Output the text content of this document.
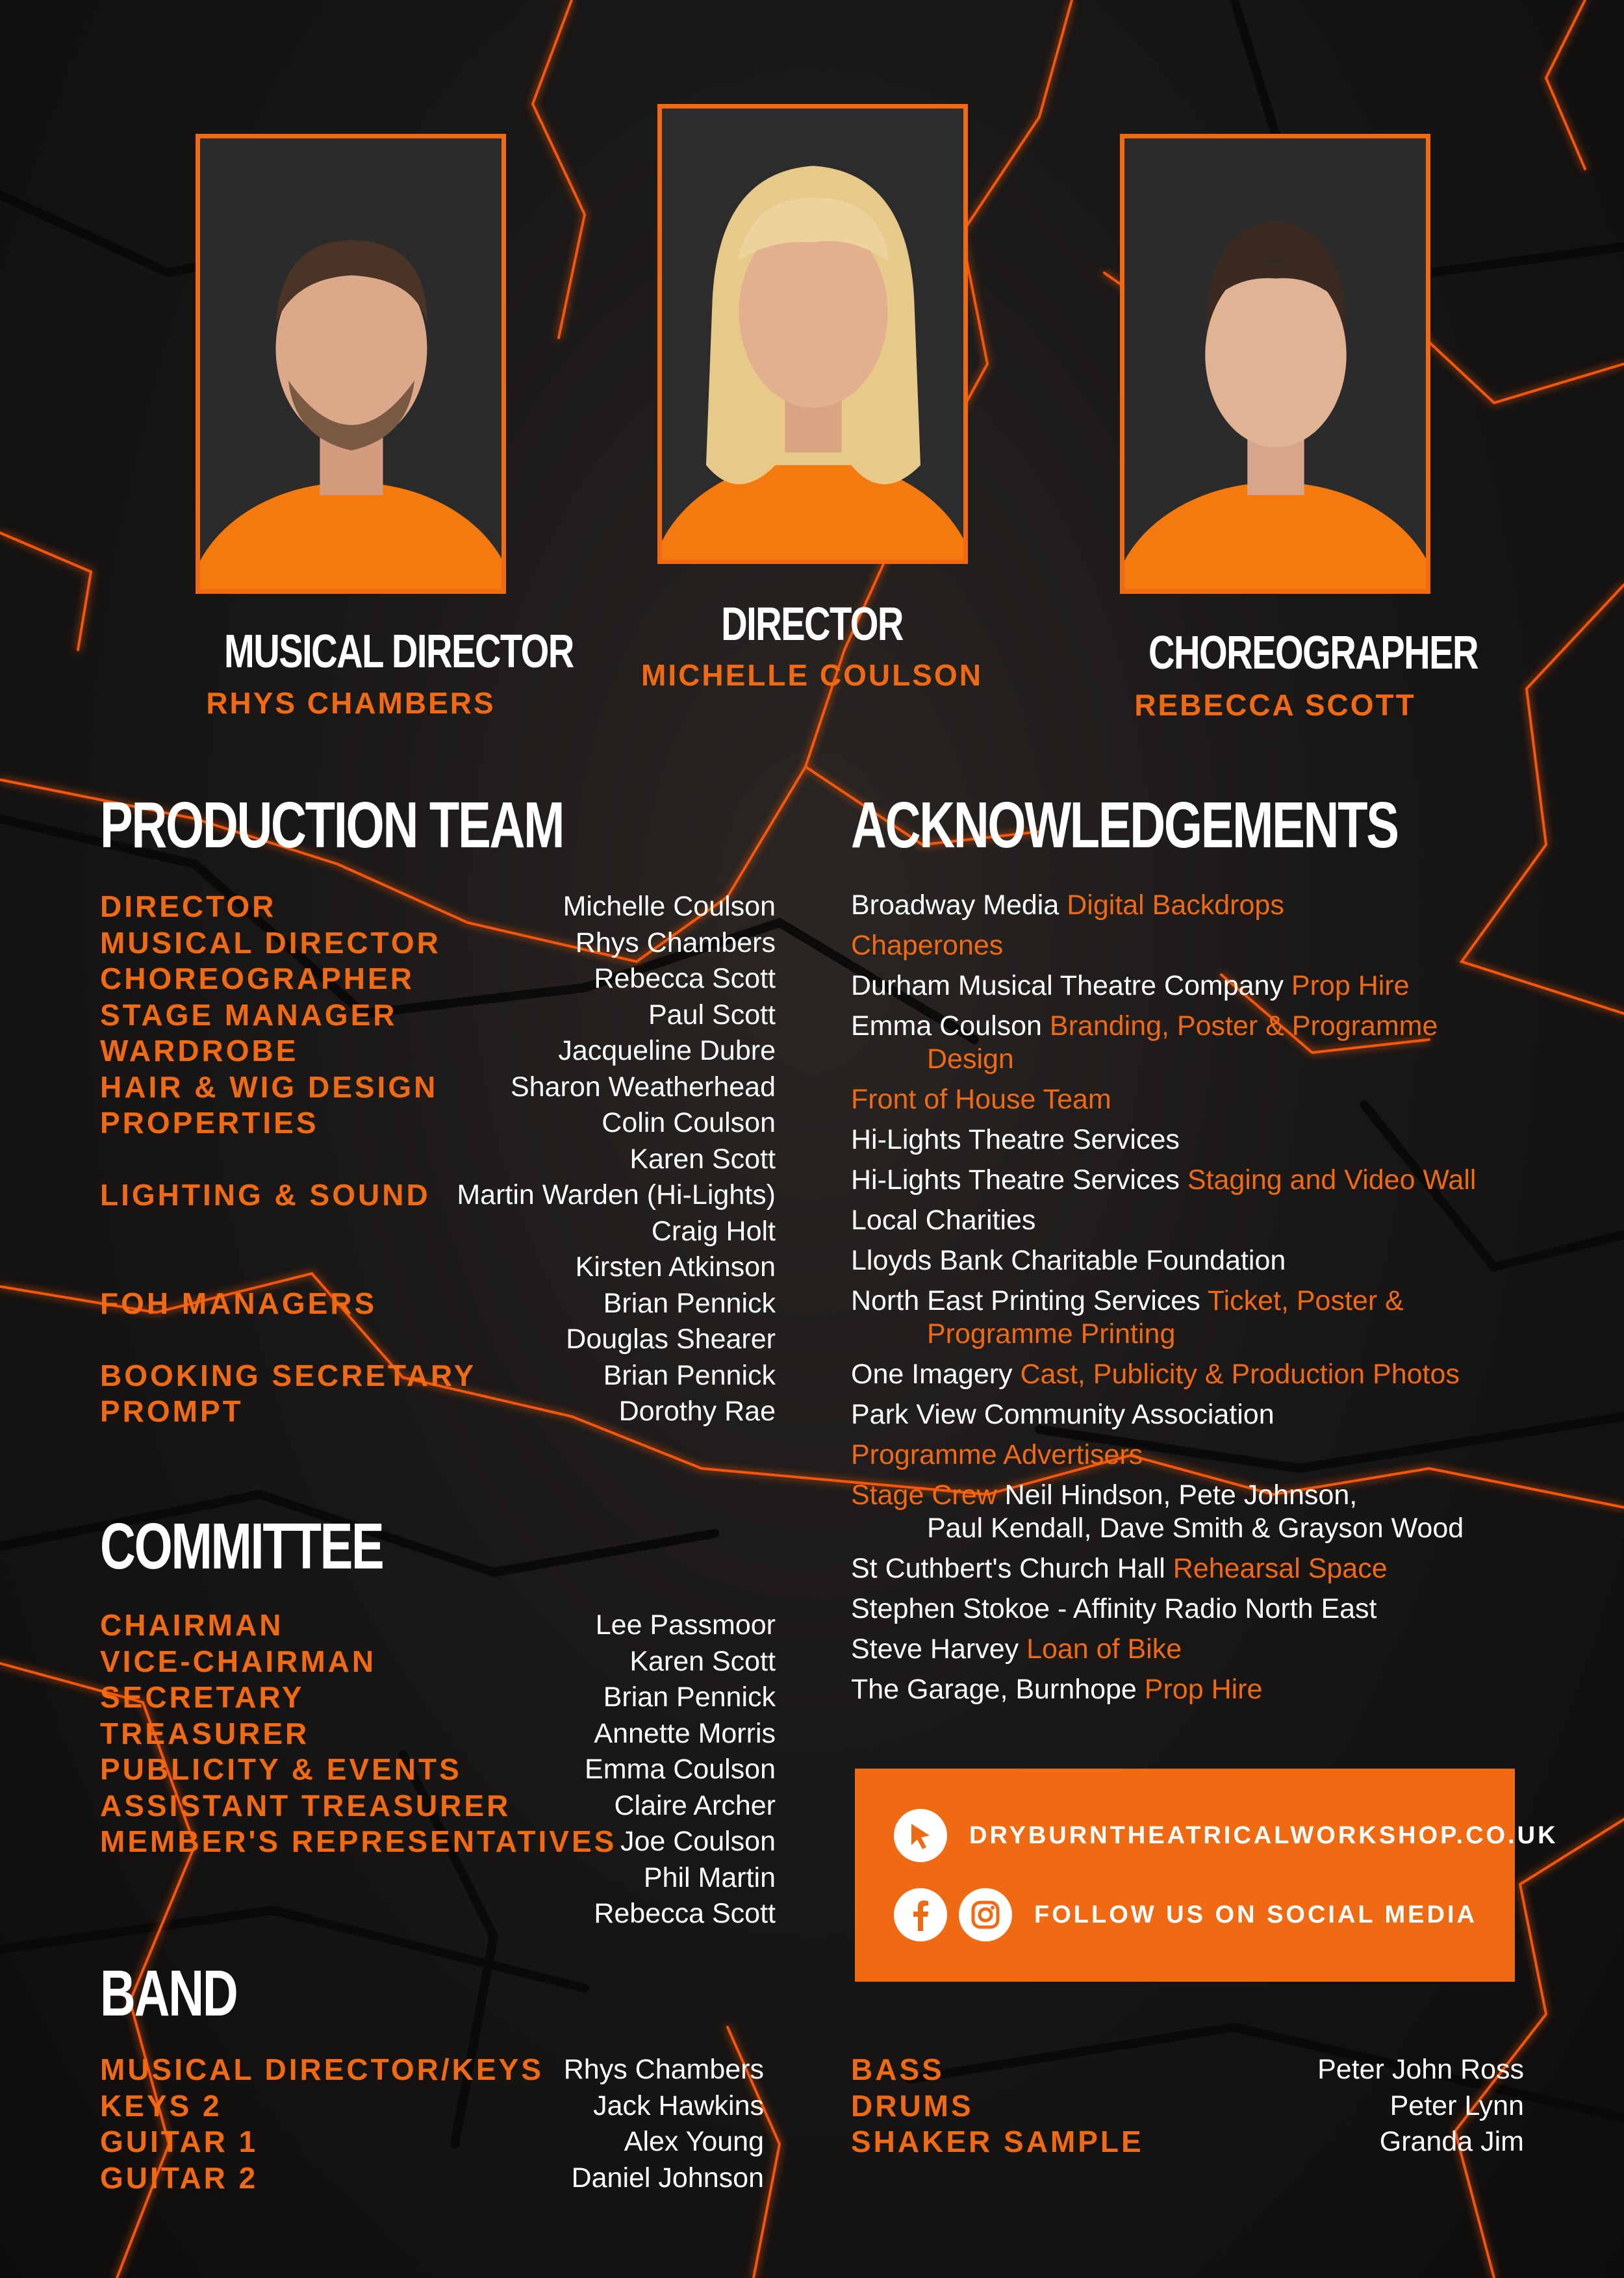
MUSICAL DIRECTOR
RHYS CHAMBERS
DIRECTOR
MICHELLE COULSON	CHOREOGRAPHER
REBECCA SCOTT
PRODUCTION TEAM
DIRECTOR	Michelle Coulson
MUSICAL DIRECTOR	Rhys Chambers
CHOREOGRAPHER	Rebecca Scott
STAGE MANAGER	Paul Scott
WARDROBE	Jacqueline Dubre
HAIR & WIG DESIGN	Sharon Weatherhead
PROPERTIES	Colin Coulson
Karen Scott
LIGHTING & SOUND Martin Warden (Hi-Lights)
Craig Holt
Kirsten Atkinson
FOH MANAGERS	Brian Pennick
Douglas Shearer
BOOKING SECRETARY	Brian Pennick
PROMPT	Dorothy Rae
COMMITTEE
CHAIRMAN	Lee Passmoor
VICE-CHAIRMAN	Karen Scott
SECRETARY	Brian Pennick
TREASURER	Annette Morris
PUBLICITY & EVENTS	Emma Coulson
ASSISTANT TREASURER	Claire Archer
MEMBER'S REPRESENTATIVES Joe Coulson
Phil Martin
Rebecca Scott
BAND
MUSICAL DIRECTOR/KEYS Rhys Chambers
KEYS 2	Jack Hawkins
GUITAR 1	Alex Young
GUITAR 2	Daniel Johnson
BASS	Peter John Ross
DRUMS	Peter Lynn
SHAKER SAMPLE	Granda Jim
ACKNOWLEDGEMENTS
Broadway Media Digital Backdrops
Chaperones
Durham Musical Theatre Company Prop Hire
Emma Coulson Branding, Poster & Programme
Design
Front of House Team
Hi-Lights Theatre Services
Hi-Lights Theatre Services Staging and Video Wall
Local Charities
Lloyds Bank Charitable Foundation
North East Printing Services Ticket, Poster &
Programme Printing
One Imagery Cast, Publicity & Production Photos
Park View Community Association
Programme Advertisers
Stage Crew Neil Hindson, Pete Johnson,
Paul Kendall, Dave Smith & Grayson Wood
St Cuthbert's Church Hall Rehearsal Space
Stephen Stokoe - Affinity Radio North East
Steve Harvey Loan of Bike
The Garage, Burnhope Prop Hire
DRYBURNTHEATRICALWORKSHOP.CO.UK
FOLLOW US ON SOCIAL MEDIA
